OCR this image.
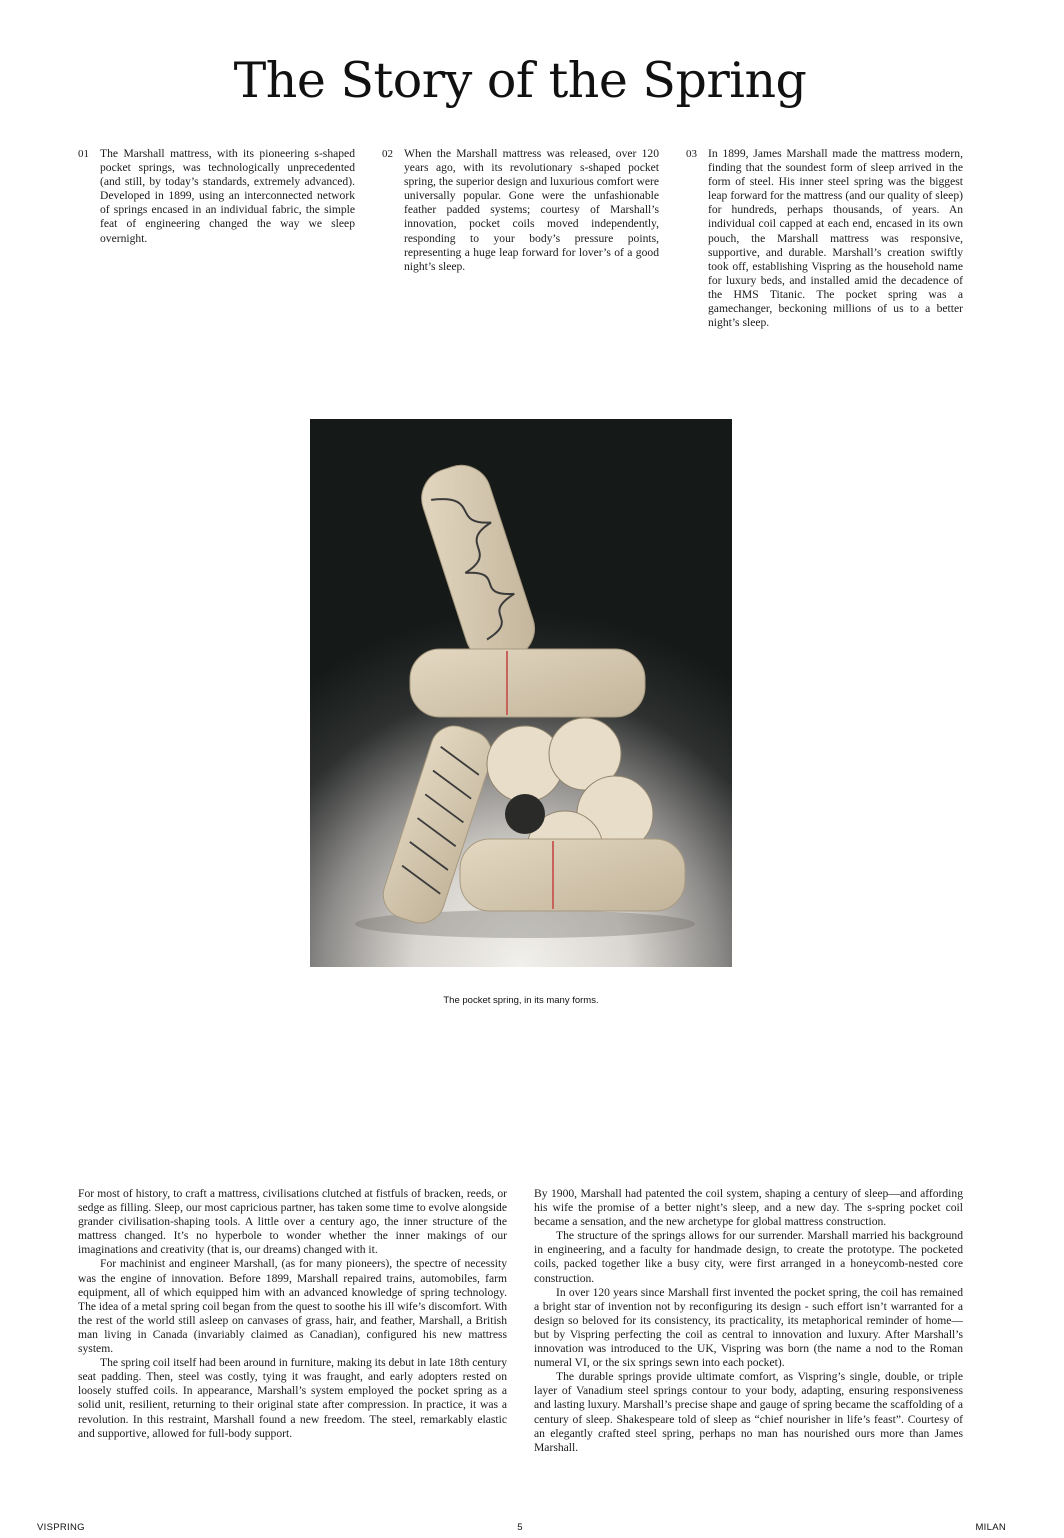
The Story of the Spring
01 The Marshall mattress, with its pioneering s-shaped pocket springs, was technologically unprecedented (and still, by today’s standards, extremely advanced). Developed in 1899, using an interconnected network of springs encased in an individual fabric, the simple feat of engineering changed the way we sleep overnight.
02 When the Marshall mattress was released, over 120 years ago, with its revolutionary s-shaped pocket spring, the superior design and luxurious comfort were universally popular. Gone were the unfashionable feather padded systems; courtesy of Marshall’s innovation, pocket coils moved independently, responding to your body’s pressure points, representing a huge leap forward for lover’s of a good night’s sleep.
03 In 1899, James Marshall made the mattress modern, finding that the soundest form of sleep arrived in the form of steel. His inner steel spring was the biggest leap forward for the mattress (and our quality of sleep) for hundreds, perhaps thousands, of years. An individual coil capped at each end, encased in its own pouch, the Marshall mattress was responsive, supportive, and durable. Marshall’s creation swiftly took off, establishing Vispring as the household name for luxury beds, and installed amid the decadence of the HMS Titanic. The pocket spring was a gamechanger, beckoning millions of us to a better night’s sleep.
The pocket spring, in its many forms.

For most of history, to craft a mattress, civilisations clutched at fistfuls of bracken, reeds, or sedge as filling. Sleep, our most capricious partner, has taken some time to evolve alongside grander civilisation-shaping tools. A little over a century ago, the inner structure of the mattress changed. It’s no hyperbole to wonder whether the inner makings of our imaginations and creativity (that is, our dreams) changed with it.

For machinist and engineer Marshall, (as for many pioneers), the spectre of necessity was the engine of innovation. Before 1899, Marshall repaired trains, automobiles, farm equipment, all of which equipped him with an advanced knowledge of spring technology. The idea of a metal spring coil began from the quest to soothe his ill wife’s discomfort. With the rest of the world still asleep on canvases of grass, hair, and feather, Marshall, a British man living in Canada (invariably claimed as Canadian), configured his new mattress system.

The spring coil itself had been around in furniture, making its debut in late 18th century seat padding. Then, steel was costly, tying it was fraught, and early adopters rested on loosely stuffed coils. In appearance, Marshall’s system employed the pocket spring as a solid unit, resilient, returning to their original state after compression. In practice, it was a revolution. In this restraint, Marshall found a new freedom. The steel, remarkably elastic and supportive, allowed for full-body support.

By 1900, Marshall had patented the coil system, shaping a century of sleep—and affording his wife the promise of a better night’s sleep, and a new day. The s-spring pocket coil became a sensation, and the new archetype for global mattress construction.

The structure of the springs allows for our surrender. Marshall married his background in engineering, and a faculty for handmade design, to create the prototype. The pocketed coils, packed together like a busy city, were first arranged in a honeycomb-nested core construction.

In over 120 years since Marshall first invented the pocket spring, the coil has remained a bright star of invention not by reconfiguring its design - such effort isn’t warranted for a design so beloved for its consistency, its practicality, its metaphorical reminder of home—but by Vispring perfecting the coil as central to innovation and luxury. After Marshall’s innovation was introduced to the UK, Vispring was born (the name a nod to the Roman numeral VI, or the six springs sewn into each pocket).

The durable springs provide ultimate comfort, as Vispring’s single, double, or triple layer of Vanadium steel springs contour to your body, adapting, ensuring responsiveness and lasting luxury. Marshall’s precise shape and gauge of spring became the scaffolding of a century of sleep. Shakespeare told of sleep as “chief nourisher in life’s feast”. Courtesy of an elegantly crafted steel spring, perhaps no man has nourished ours more than James Marshall.

VISPRING	5	MILAN
